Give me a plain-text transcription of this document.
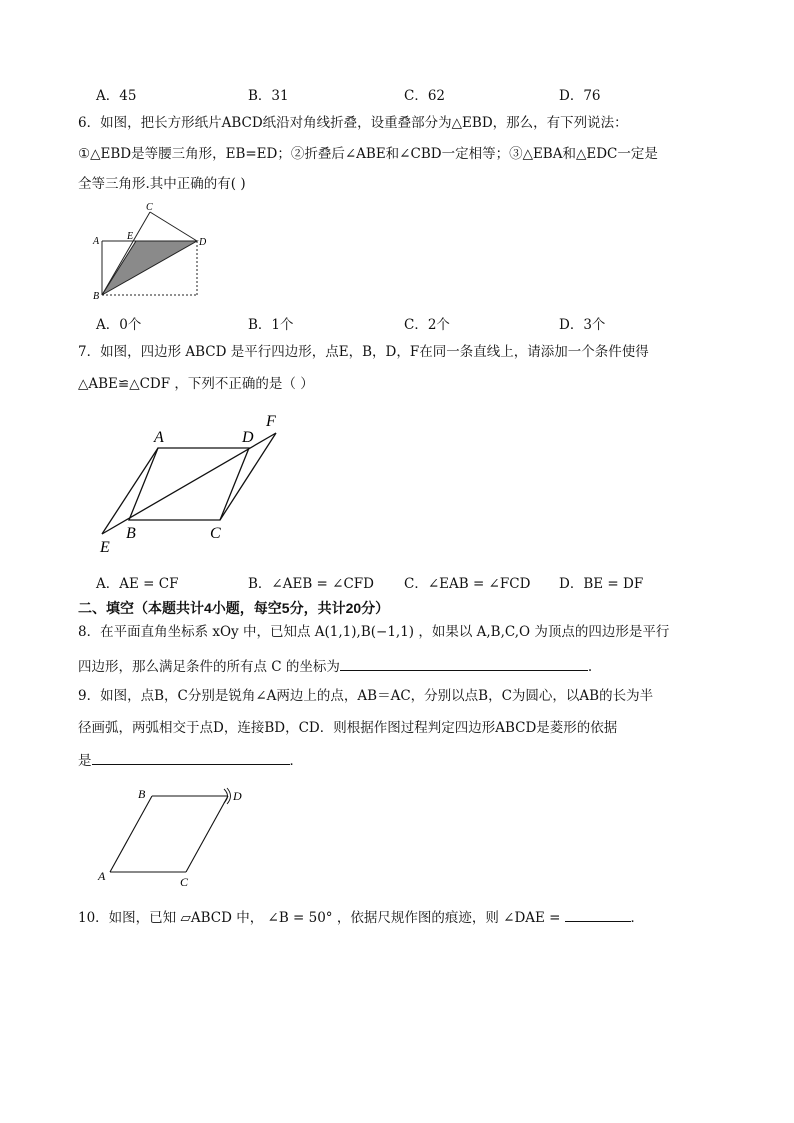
A．45	B．31	C．62	D．76
6．如图，把长方形纸片ABCD纸沿对角线折叠，设重叠部分为△EBD，那么，有下列说法：
①△EBD是等腰三角形，EB=ED；②折叠后∠ABE和∠CBD一定相等；③△EBA和△EDC一定是
全等三角形.其中正确的有( )
C
A	E
D
B
A．0个	B．1个	C．2个	D．3个
7．如图，四边形 ABCD 是平行四边形，点E，B，D，F在同一条直线上，请添加一个条件使得
△ABE≌△CDF ，下列不正确的是（ ）
A	D
F
B	C
E
A．AE = CF	B．∠AEB = ∠CFD C．∠EAB = ∠FCD D．BE = DF
二、填空（本题共计4小题，每空5分，共计20分）
8．在平面直角坐标系 xOy 中，已知点 A(1,1),B(−1,1) ，如果以 A,B,C,O 为顶点的四边形是平行
四边形，那么满足条件的所有点 C 的坐标为	.
9．如图，点B，C分别是锐角∠A两边上的点，AB＝AC，分别以点B，C为圆心，以AB的长为半
径画弧，两弧相交于点D，连接BD，CD．则根据作图过程判定四边形ABCD是菱形的依据
是	．
B	D
A	C
10．如图，已知 ▱ABCD 中， ∠B = 50° ，依据尺规作图的痕迹，则 ∠DAE =	．
